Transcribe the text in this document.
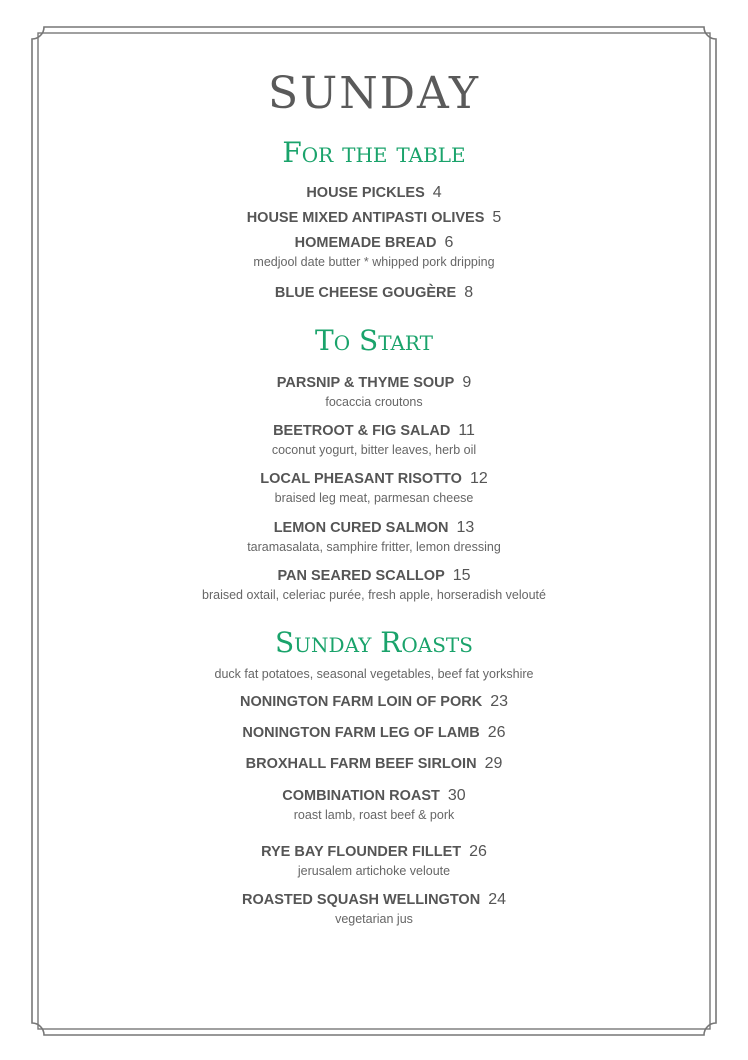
SUNDAY
For the table
HOUSE PICKLES 4
HOUSE MIXED ANTIPASTI OLIVES 5
HOMEMADE BREAD 6
medjool date butter * whipped pork dripping
BLUE CHEESE GOUGÈRE 8
To Start
PARSNIP & THYME SOUP 9
focaccia croutons
BEETROOT & FIG SALAD 11
coconut yogurt, bitter leaves, herb oil
LOCAL PHEASANT RISOTTO 12
braised leg meat, parmesan cheese
LEMON CURED SALMON 13
taramasalata, samphire fritter, lemon dressing
PAN SEARED SCALLOP 15
braised oxtail, celeriac purée, fresh apple, horseradish velouté
Sunday Roasts
duck fat potatoes, seasonal vegetables, beef fat yorkshire
NONINGTON FARM LOIN OF PORK 23
NONINGTON FARM LEG OF LAMB 26
BROXHALL FARM BEEF SIRLOIN 29
COMBINATION ROAST 30
roast lamb, roast beef & pork
RYE BAY FLOUNDER FILLET 26
jerusalem artichoke veloute
ROASTED SQUASH WELLINGTON 24
vegetarian jus
